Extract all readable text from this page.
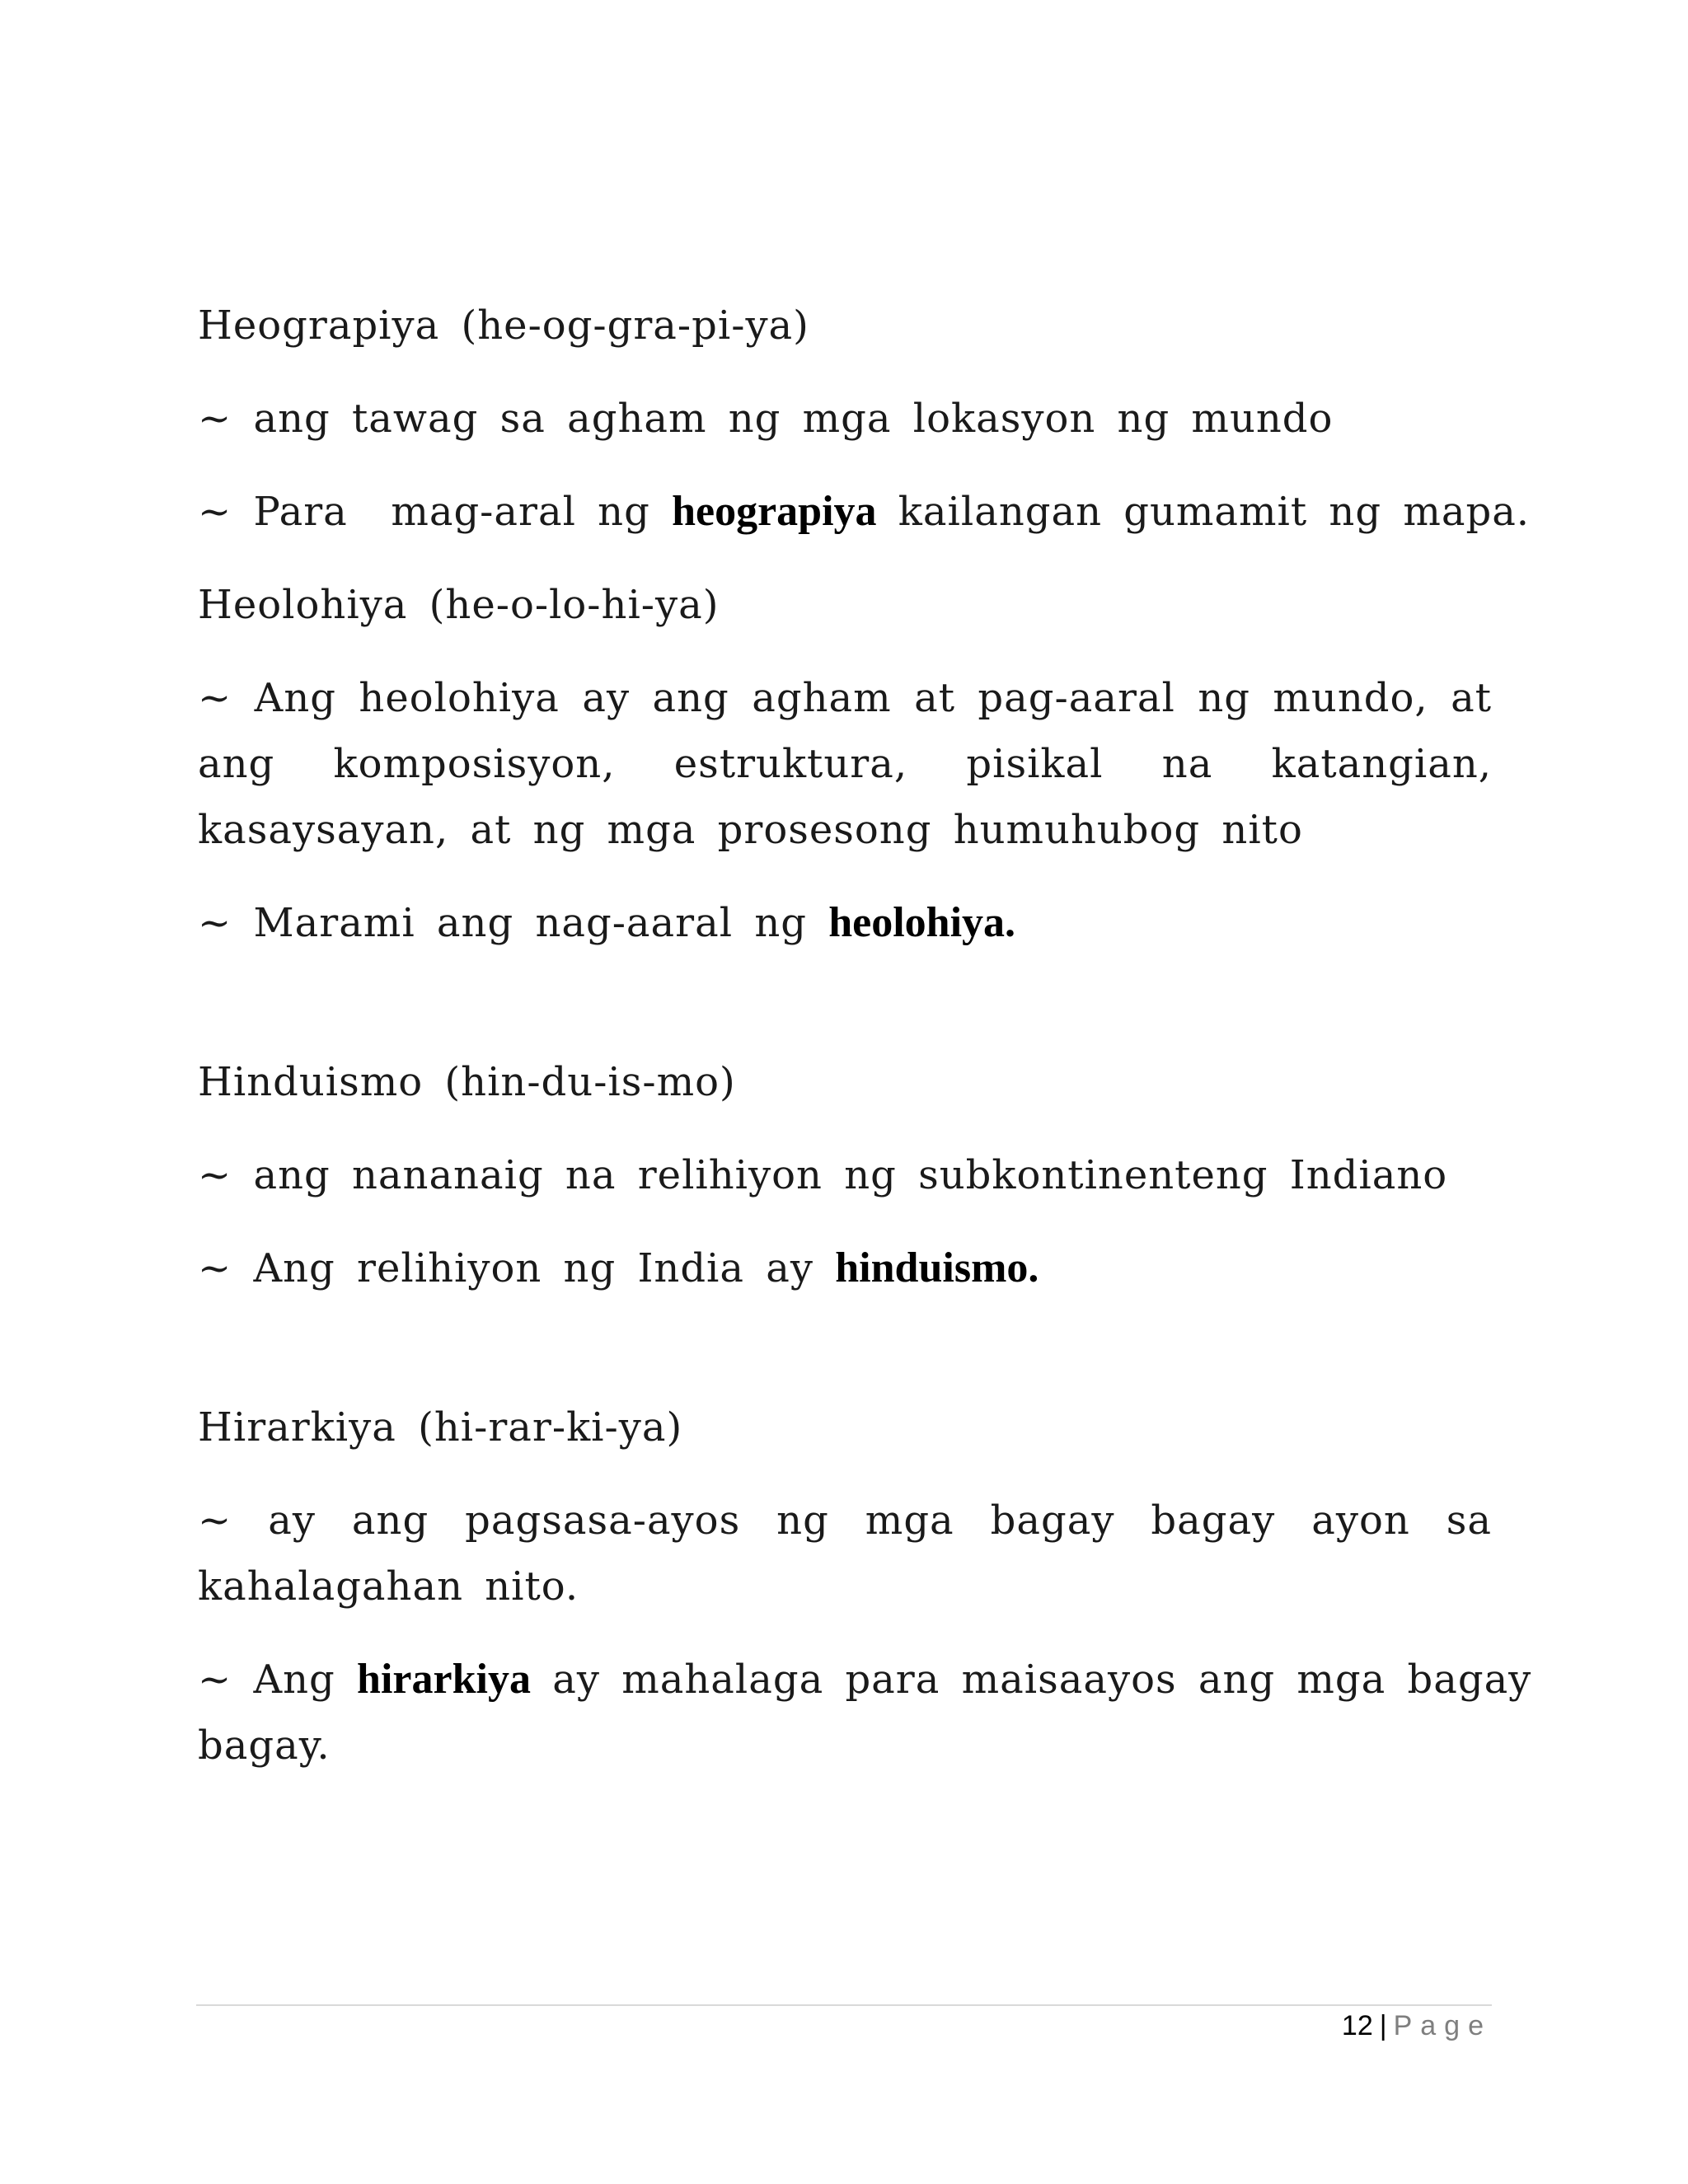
Heograpiya (he-og-gra-pi-ya)

~ ang tawag sa agham ng mga lokasyon ng mundo

~ Para  mag-aral ng heograpiya kailangan gumamit ng mapa.

Heolohiya (he-o-lo-hi-ya)

~ Ang heolohiya ay ang agham at pag-aaral ng mundo, at

ang komposisyon, estruktura, pisikal na katangian,

kasaysayan, at ng mga prosesong humuhubog nito

~ Marami ang nag-aaral ng heolohiya.

Hinduismo (hin-du-is-mo)

~ ang nananaig na relihiyon ng subkontinenteng Indiano

~ Ang relihiyon ng India ay hinduismo.

Hirarkiya (hi-rar-ki-ya)

~ ay ang pagsasa-ayos ng mga bagay bagay ayon sa

kahalagahan nito.

~ Ang hirarkiya ay mahalaga para maisaayos ang mga bagay

bagay.

12 | Page
